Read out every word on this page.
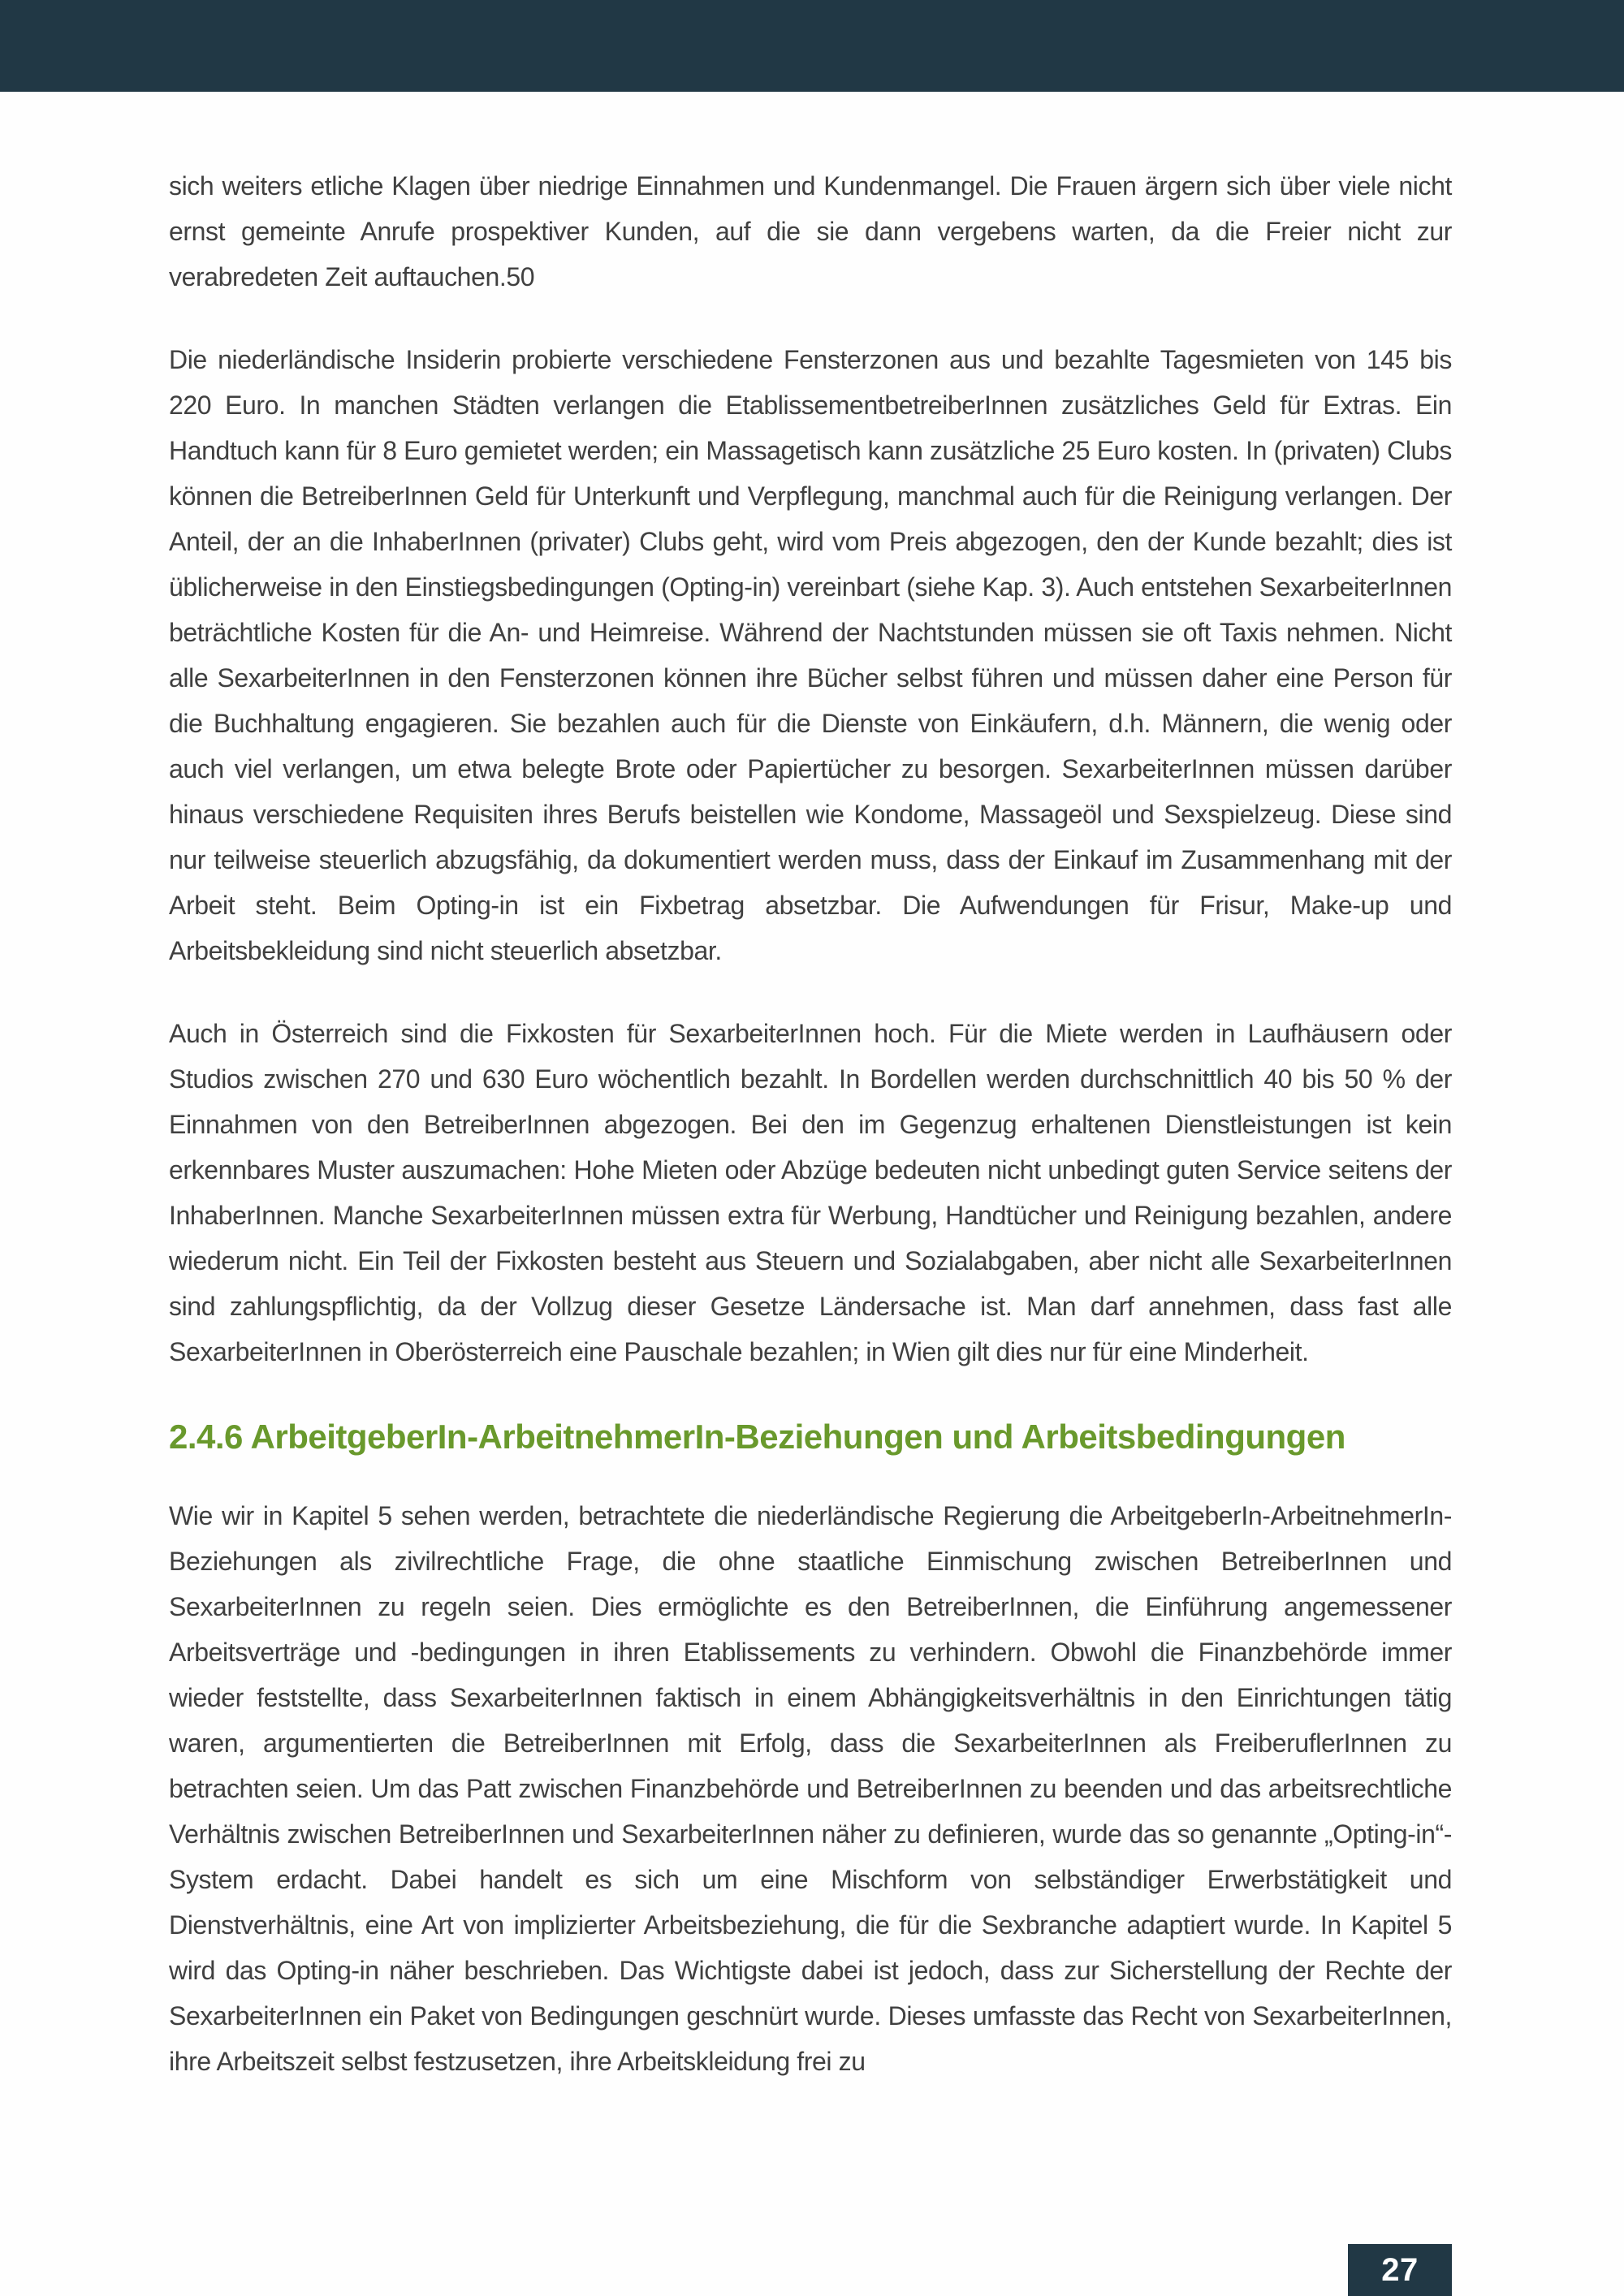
sich weiters etliche Klagen über niedrige Einnahmen und Kundenmangel. Die Frauen ärgern sich über viele nicht ernst gemeinte Anrufe prospektiver Kunden, auf die sie dann vergebens warten, da die Freier nicht zur verabredeten Zeit auftauchen.50

Die niederländische Insiderin probierte verschiedene Fensterzonen aus und bezahlte Tagesmieten von 145 bis 220 Euro. In manchen Städten verlangen die EtablissementbetreiberInnen zusätzliches Geld für Extras. Ein Handtuch kann für 8 Euro gemietet werden; ein Massagetisch kann zusätzliche 25 Euro kosten. In (privaten) Clubs können die BetreiberInnen Geld für Unterkunft und Verpflegung, manchmal auch für die Reinigung verlangen. Der Anteil, der an die InhaberInnen (privater) Clubs geht, wird vom Preis abgezogen, den der Kunde bezahlt; dies ist üblicherweise in den Einstiegsbedingungen (Opting-in) vereinbart (siehe Kap. 3). Auch entstehen SexarbeiterInnen beträchtliche Kosten für die An- und Heimreise. Während der Nachtstunden müssen sie oft Taxis nehmen. Nicht alle SexarbeiterInnen in den Fensterzonen können ihre Bücher selbst führen und müssen daher eine Person für die Buchhaltung engagieren. Sie bezahlen auch für die Dienste von Einkäufern, d.h. Männern, die wenig oder auch viel verlangen, um etwa belegte Brote oder Papiertücher zu besorgen. SexarbeiterInnen müssen darüber hinaus verschiedene Requisiten ihres Berufs beistellen wie Kondome, Massageöl und Sexspielzeug. Diese sind nur teilweise steuerlich abzugsfähig, da dokumentiert werden muss, dass der Einkauf im Zusammenhang mit der Arbeit steht. Beim Opting-in ist ein Fixbetrag absetzbar. Die Aufwendungen für Frisur, Make-up und Arbeitsbekleidung sind nicht steuerlich absetzbar.

Auch in Österreich sind die Fixkosten für SexarbeiterInnen hoch. Für die Miete werden in Laufhäusern oder Studios zwischen 270 und 630 Euro wöchentlich bezahlt. In Bordellen werden durchschnittlich 40 bis 50 % der Einnahmen von den BetreiberInnen abgezogen. Bei den im Gegenzug erhaltenen Dienstleistungen ist kein erkennbares Muster auszumachen: Hohe Mieten oder Abzüge bedeuten nicht unbedingt guten Service seitens der InhaberInnen. Manche SexarbeiterInnen müssen extra für Werbung, Handtücher und Reinigung bezahlen, andere wiederum nicht. Ein Teil der Fixkosten besteht aus Steuern und Sozialabgaben, aber nicht alle SexarbeiterInnen sind zahlungspflichtig, da der Vollzug dieser Gesetze Ländersache ist. Man darf annehmen, dass fast alle SexarbeiterInnen in Oberösterreich eine Pauschale bezahlen; in Wien gilt dies nur für eine Minderheit.

2.4.6 ArbeitgeberIn-ArbeitnehmerIn-Beziehungen und Arbeitsbedingungen

Wie wir in Kapitel 5 sehen werden, betrachtete die niederländische Regierung die ArbeitgeberIn-ArbeitnehmerIn-Beziehungen als zivilrechtliche Frage, die ohne staatliche Einmischung zwischen BetreiberInnen und SexarbeiterInnen zu regeln seien. Dies ermöglichte es den BetreiberInnen, die Einführung angemessener Arbeitsverträge und -bedingungen in ihren Etablissements zu verhindern. Obwohl die Finanzbehörde immer wieder feststellte, dass SexarbeiterInnen faktisch in einem Abhängigkeitsverhältnis in den Einrichtungen tätig waren, argumentierten die BetreiberInnen mit Erfolg, dass die SexarbeiterInnen als FreiberuflerInnen zu betrachten seien. Um das Patt zwischen Finanzbehörde und BetreiberInnen zu beenden und das arbeitsrechtliche Verhältnis zwischen BetreiberInnen und SexarbeiterInnen näher zu definieren, wurde das so genannte „Opting-in“-System erdacht. Dabei handelt es sich um eine Mischform von selbständiger Erwerbstätigkeit und Dienstverhältnis, eine Art von implizierter Arbeitsbeziehung, die für die Sexbranche adaptiert wurde. In Kapitel 5 wird das Opting-in näher beschrieben. Das Wichtigste dabei ist jedoch, dass zur Sicherstellung der Rechte der SexarbeiterInnen ein Paket von Bedingungen geschnürt wurde. Dieses umfasste das Recht von SexarbeiterInnen, ihre Arbeitszeit selbst festzusetzen, ihre Arbeitskleidung frei zu

27
